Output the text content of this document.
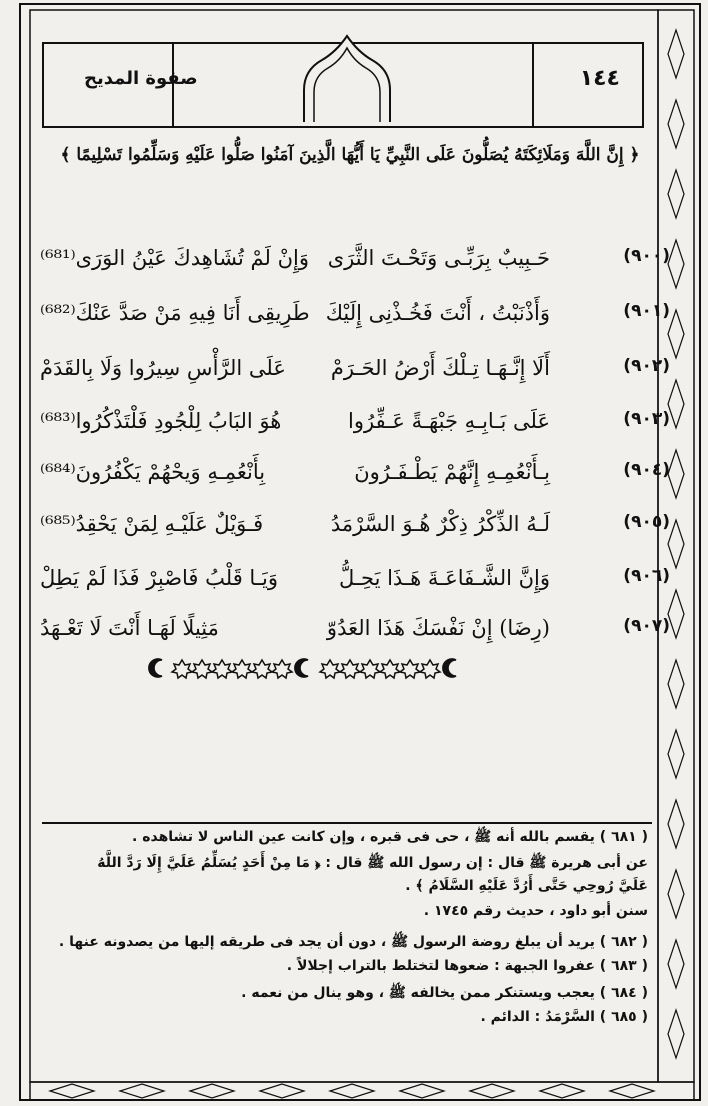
١٤٤
صفوة المديح
﴿ إِنَّ اللَّهَ وَمَلَائِكَتَهُ يُصَلُّونَ عَلَى النَّبِيِّ يَا أَيُّهَا الَّذِينَ آمَنُوا صَلُّوا عَلَيْهِ وَسَلِّمُوا تَسْلِيمًا ﴾
(٩٠٠)
حَـبِيبٌ بِرَبِّـى وَتَحْـتَ الثَّرَى
وَإِنْ لَمْ تُشَاهِدكَ عَيْنُ الوَرَى⁽⁶⁸¹⁾
(٩٠١)
وَأَذْنَبْتُ ، أَنْتَ فَخُـذْنِى إِلَيْكَ
طَرِيقِى أَنَا فِيهِ مَنْ صَدَّ عَنْكَ⁽⁶⁸²⁾
(٩٠٢)
أَلَا إِنَّـهَـا تِـلْكَ أَرْضُ الحَـرَمْ
عَلَى الرَّأْسِ سِيرُوا وَلَا بِالقَدَمْ
(٩٠٣)
عَلَى بَـابِـهِ جَبْهَـةً عَـفِّرُوا
هُوَ البَابُ لِلْجُودِ فَلْتَذْكُرُوا⁽⁶⁸³⁾
(٩٠٤)
بِـأَنْعُمِـهِ إِنَّهُمْ يَطْـفَـرُونَ
بِأَنْعُمِـهِ وَيحْهُمْ يَكْفُرُونَ⁽⁶⁸⁴⁾
(٩٠٥)
لَـهُ الذِّكْرُ ذِكْرٌ هُـوَ السَّرْمَدُ
فَـوَيْلٌ عَلَيْـهِ لِمَنْ يَحْقِدُ⁽⁶⁸⁵⁾
(٩٠٦)
وَإِنَّ الشَّـفَاعَـةَ هَـذَا يَحِـلُّ
وَيَـا قَلْبُ فَاصْبِرْ فَذَا لَمْ يَطِلْ
(٩٠٧)
(رِضَا) إِنْ نَفْسَكَ هَذَا العَدُوّ
مَثِيلًا لَهَـا أَنْتَ لَا تَعْـهَدُ
( ٦٨١ ) يقسم بالله أنه ﷺ ، حى فى قبره ، وإن كانت عين الناس لا تشاهده .
عن أبى هريرة ﷺ قال : إن رسول الله ﷺ قال : ﴿ مَا مِنْ أَحَدٍ يُسَلِّمُ عَلَيَّ إِلَا رَدَّ اللَّهُ
عَلَيَّ رُوحِي حَتَّى أَرُدَّ عَلَيْهِ السَّلَامُ ﴾ .
سنن أبو داود ، حديث رقم ١٧٤٥ .
( ٦٨٢ ) يريد أن يبلغ روضة الرسول ﷺ ، دون أن يجد فى طريقه إليها من يصدونه عنها .
( ٦٨٣ ) عفروا الجبهة : ضعوها لتختلط بالتراب إجلالاً .
( ٦٨٤ ) يعجب ويستنكر ممن يخالفه ﷺ ، وهو ينال من نعمه .
( ٦٨٥ ) السَّرْمَدُ : الدائم .
